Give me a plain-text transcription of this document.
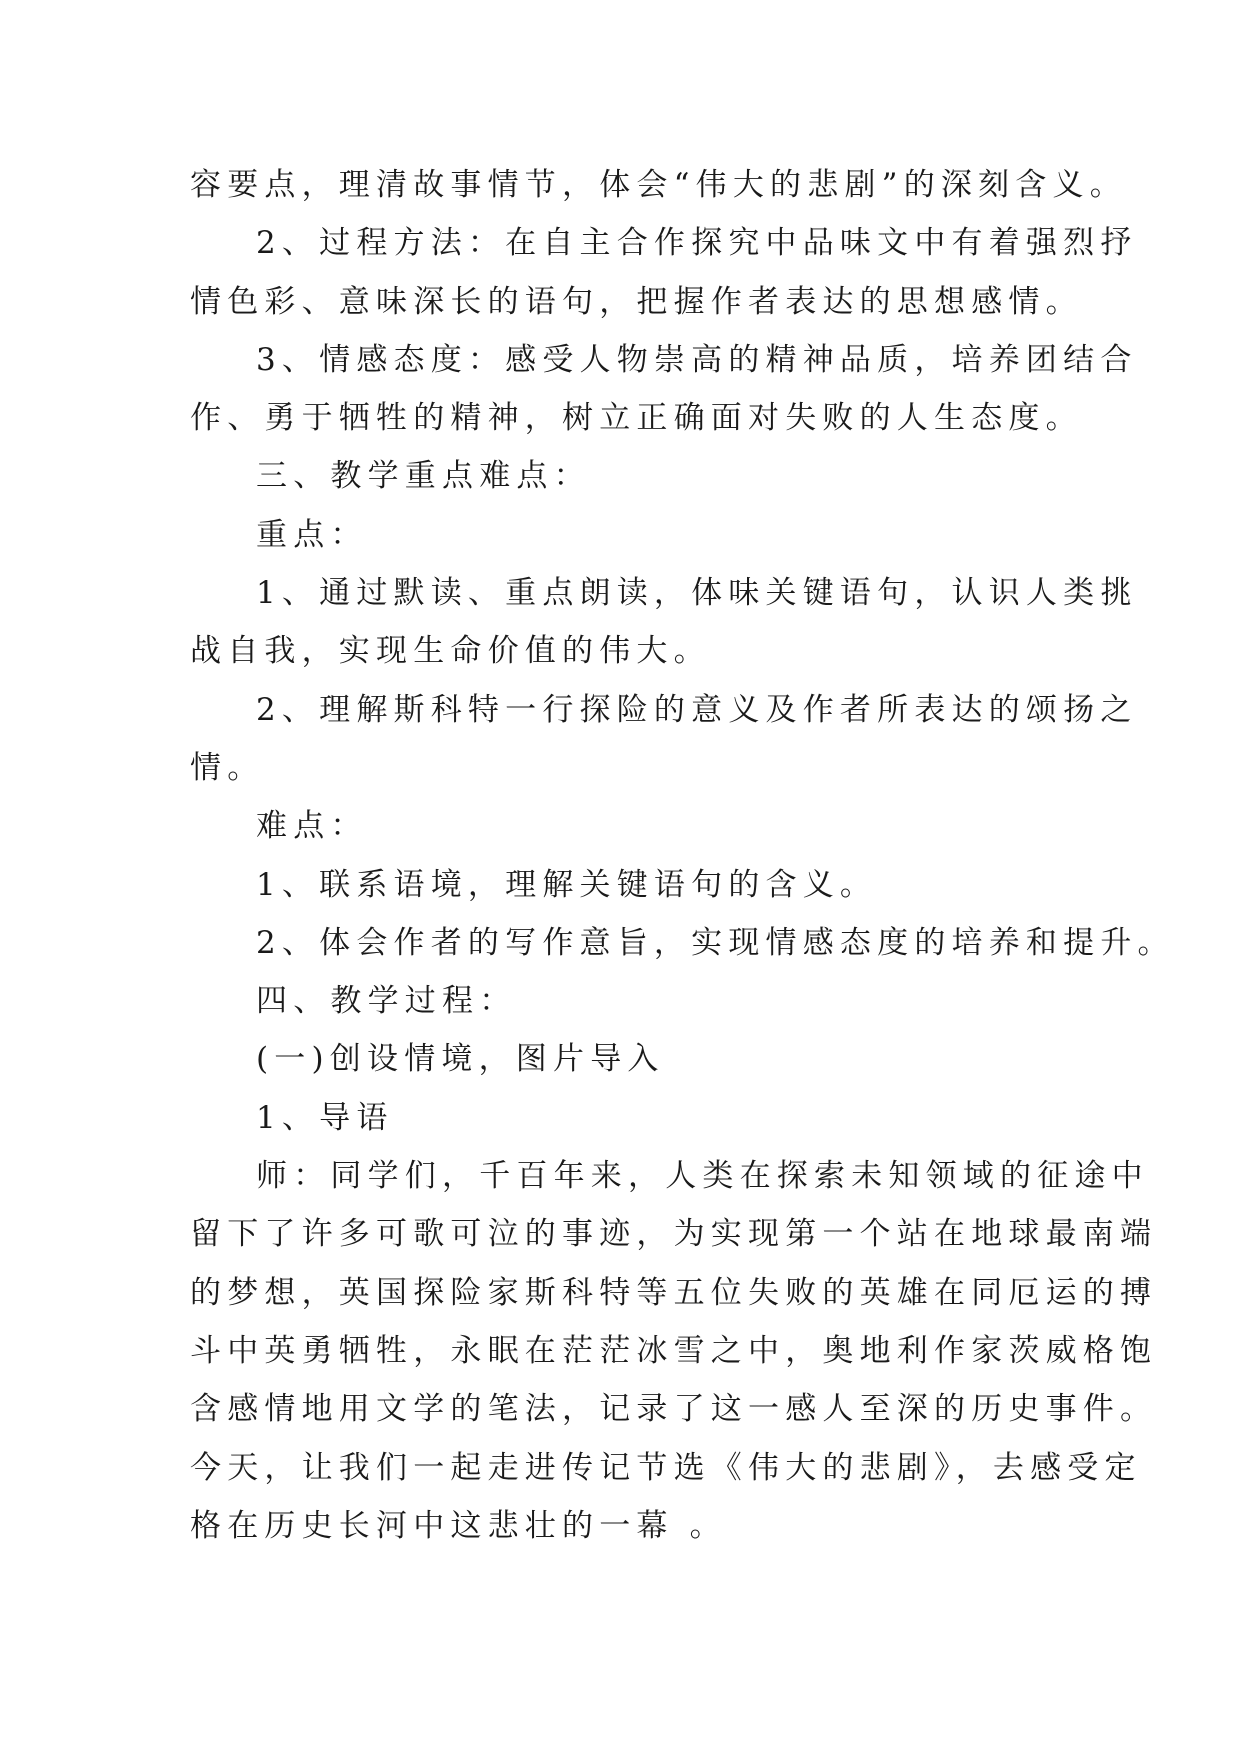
容要点，理清故事情节，体会“伟大的悲剧”的深刻含义。
2、过程方法：在自主合作探究中品味文中有着强烈抒
情色彩、意味深长的语句，把握作者表达的思想感情。
3、情感态度：感受人物崇高的精神品质，培养团结合
作、勇于牺牲的精神，树立正确面对失败的人生态度。
三、教学重点难点：
重点：
1、通过默读、重点朗读，体味关键语句，认识人类挑
战自我，实现生命价值的伟大。
2、理解斯科特一行探险的意义及作者所表达的颂扬之
情。
难点：
1、联系语境，理解关键语句的含义。
2、体会作者的写作意旨，实现情感态度的培养和提升。
四、教学过程：
(一)创设情境，图片导入
1、导语
师：同学们，千百年来，人类在探索未知领域的征途中
留下了许多可歌可泣的事迹，为实现第一个站在地球最南端
的梦想，英国探险家斯科特等五位失败的英雄在同厄运的搏
斗中英勇牺牲，永眠在茫茫冰雪之中，奥地利作家茨威格饱
含感情地用文学的笔法，记录了这一感人至深的历史事件。
今天，让我们一起走进传记节选《伟大的悲剧》，去感受定
格在历史长河中这悲壮的一幕 。
